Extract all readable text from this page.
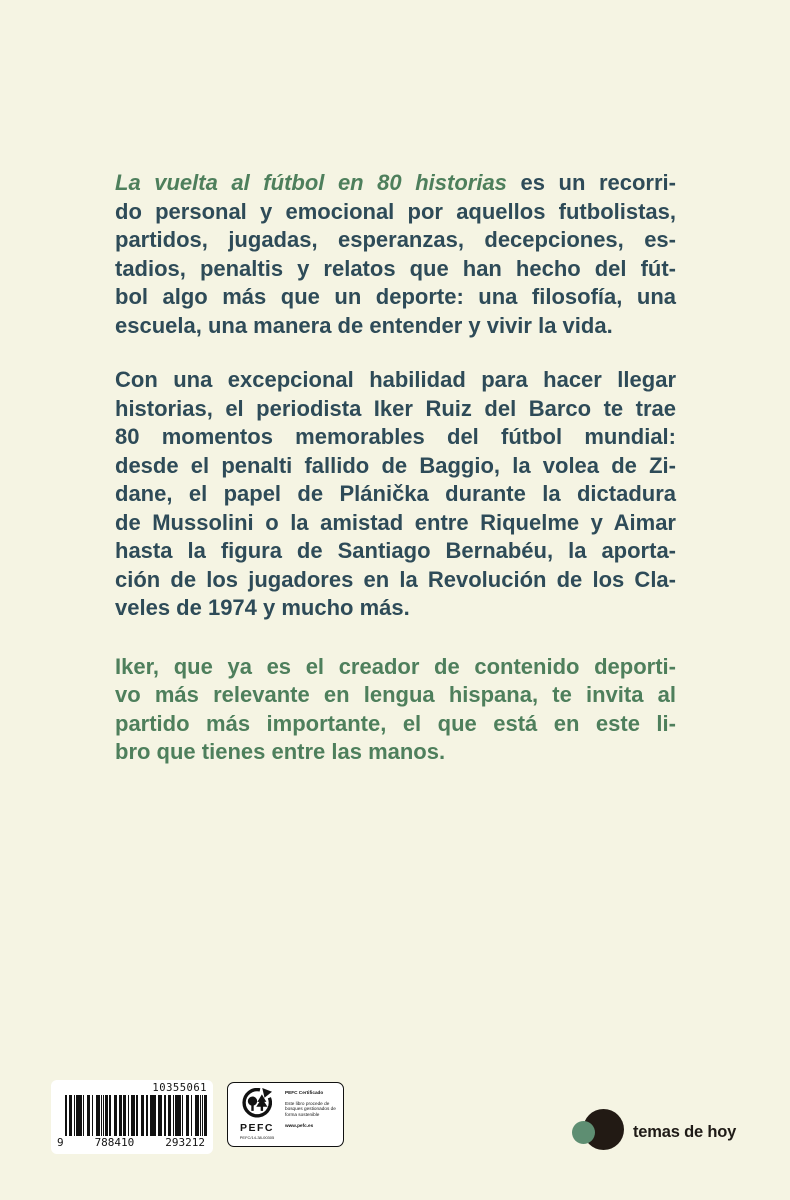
La vuelta al fútbol en 80 historias es un recorri-
do personal y emocional por aquellos futbolistas,
partidos, jugadas, esperanzas, decepciones, es-
tadios, penaltis y relatos que han hecho del fút-
bol algo más que un deporte: una filosofía, una
escuela, una manera de entender y vivir la vida.
Con una excepcional habilidad para hacer llegar
historias, el periodista Iker Ruiz del Barco te trae
80 momentos memorables del fútbol mundial:
desde el penalti fallido de Baggio, la volea de Zi-
dane, el papel de Plánička durante la dictadura
de Mussolini o la amistad entre Riquelme y Aimar
hasta la figura de Santiago Bernabéu, la aporta-
ción de los jugadores en la Revolución de los Cla-
veles de 1974 y mucho más.
Iker, que ya es el creador de contenido deporti-
vo más relevante en lengua hispana, te invita al
partido más importante, el que está en este li-
bro que tienes entre las manos.
10355061
9	788410	293212
PEFC
PEFC/14-38-00305
PEFC Certificado
Este libro procede de bosques gestionados de forma sostenible
www.pefc.es	temas de hoy
